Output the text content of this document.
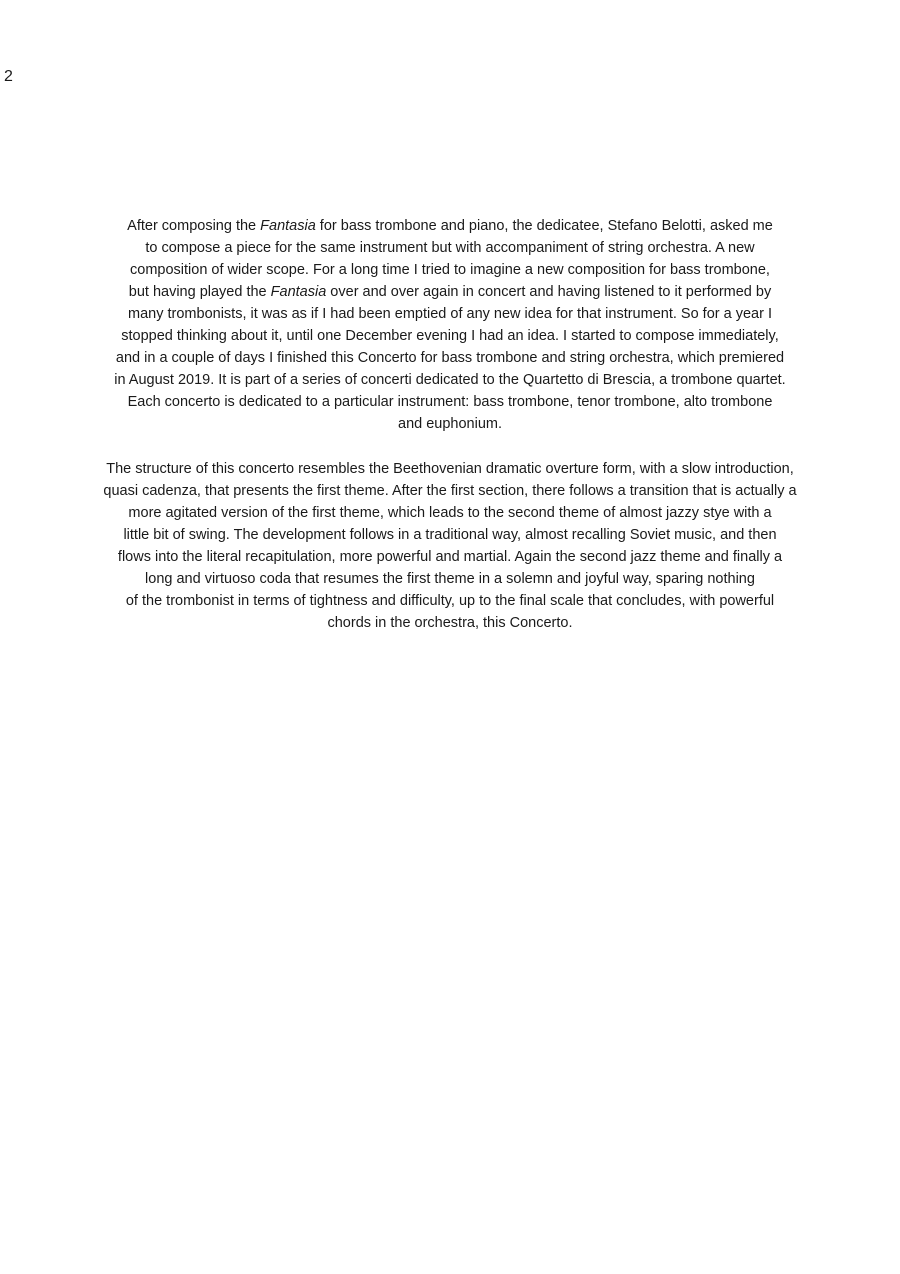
2

After composing the Fantasia for bass trombone and piano, the dedicatee, Stefano Belotti, asked me
to compose a piece for the same instrument but with accompaniment of string orchestra. A new
composition of wider scope. For a long time I tried to imagine a new composition for bass trombone,
but having played the Fantasia over and over again in concert and having listened to it performed by
many trombonists, it was as if I had been emptied of any new idea for that instrument. So for a year I
stopped thinking about it, until one December evening I had an idea. I started to compose immediately,
and in a couple of days I finished this Concerto for bass trombone and string orchestra, which premiered
in August 2019. It is part of a series of concerti dedicated to the Quartetto di Brescia, a trombone quartet.
Each concerto is dedicated to a particular instrument: bass trombone, tenor trombone, alto trombone
and euphonium.

The structure of this concerto resembles the Beethovenian dramatic overture form, with a slow introduction,
quasi cadenza, that presents the first theme. After the first section, there follows a transition that is actually a
more agitated version of the first theme, which leads to the second theme of almost jazzy stye with a
little bit of swing. The development follows in a traditional way, almost recalling Soviet music, and then
flows into the literal recapitulation, more powerful and martial. Again the second jazz theme and finally a
long and virtuoso coda that resumes the first theme in a solemn and joyful way, sparing nothing
of the trombonist in terms of tightness and difficulty, up to the final scale that concludes, with powerful
chords in the orchestra, this Concerto.
